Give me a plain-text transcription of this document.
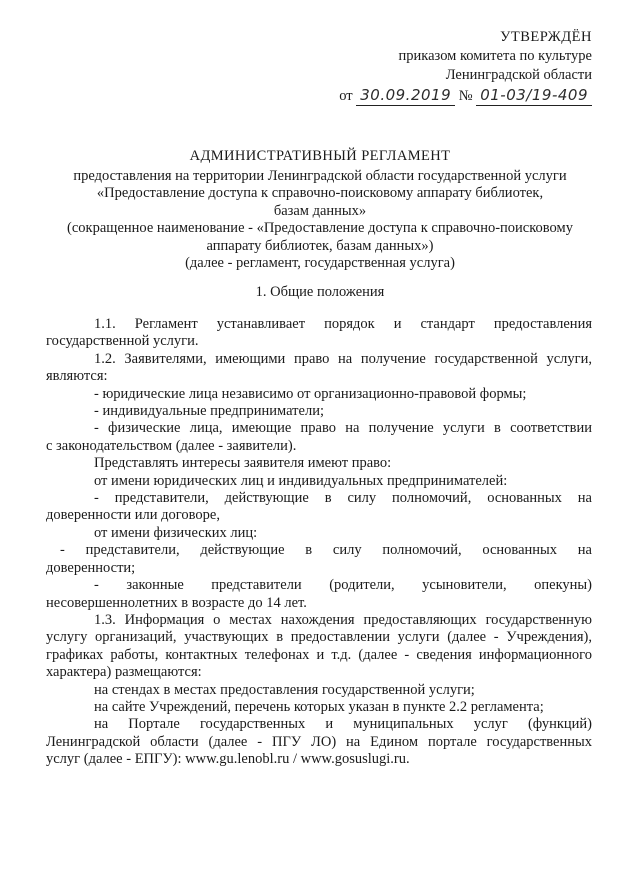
УТВЕРЖДЁН
приказом комитета по культуре
Ленинградской области
от 30.09.2019 № 01-03/19-409
АДМИНИСТРАТИВНЫЙ РЕГЛАМЕНТ
предоставления на территории Ленинградской области государственной услуги
«Предоставление доступа к справочно-поисковому аппарату библиотек,
базам данных»
(сокращенное наименование - «Предоставление доступа к справочно-поисковому
аппарату библиотек, базам данных»)
(далее - регламент, государственная услуга)
1. Общие положения

1.1. Регламент устанавливает порядок и стандарт предоставления

государственной услуги.

1.2. Заявителями, имеющими право на получение государственной услуги,

являются:

- юридические лица независимо от организационно-правовой формы;

- индивидуальные предприниматели;

- физические лица, имеющие право на получение услуги в соответствии

с законодательством (далее - заявители).

Представлять интересы заявителя имеют право:

от имени юридических лиц и индивидуальных предпринимателей:

- представители, действующие в силу полномочий, основанных на

доверенности или договоре,

от имени физических лиц:

- представители, действующие в силу полномочий, основанных на

доверенности;

- законные представители (родители, усыновители, опекуны)

несовершеннолетних в возрасте до 14 лет.

1.3. Информация о местах нахождения предоставляющих государственную

услугу организаций, участвующих в предоставлении услуги (далее - Учреждения),

графиках работы, контактных телефонах и т.д. (далее - сведения информационного

характера) размещаются:

на стендах в местах предоставления государственной услуги;

на сайте Учреждений, перечень которых указан в пункте 2.2 регламента;

на Портале государственных и муниципальных услуг (функций)

Ленинградской области (далее - ПГУ ЛО) на Едином портале государственных

услуг (далее - ЕПГУ): www.gu.lenobl.ru / www.gosuslugi.ru.
